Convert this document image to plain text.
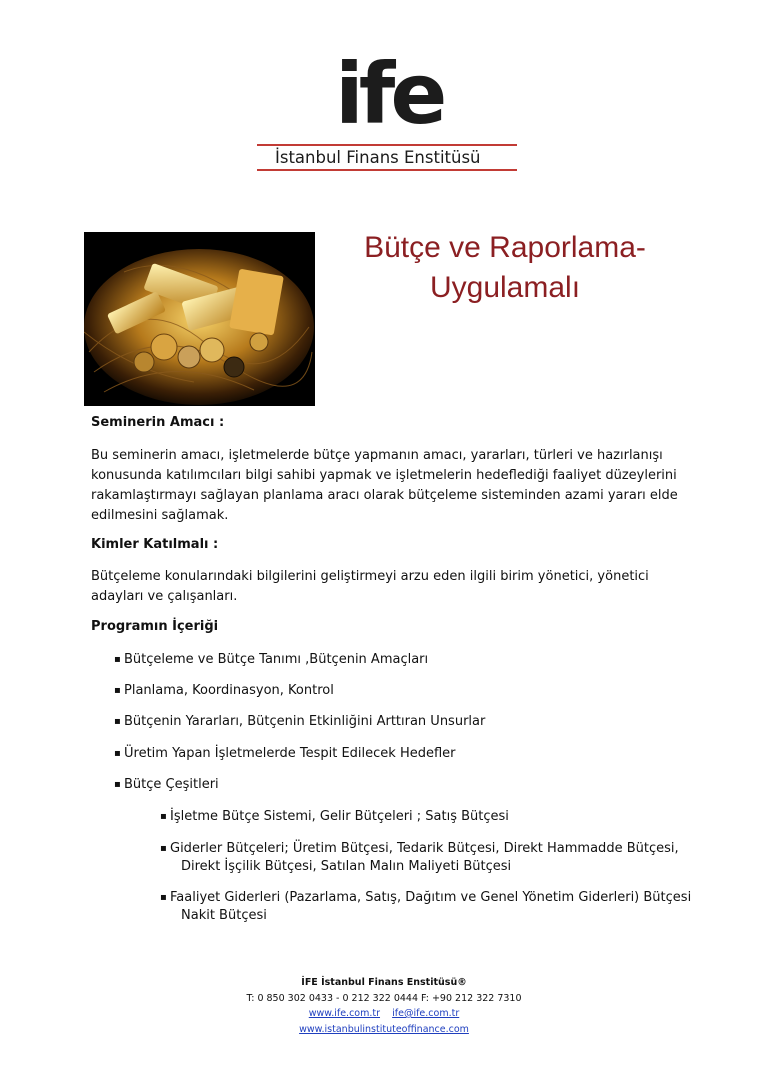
ife
İstanbul Finans Enstitüsü
Bütçe ve Raporlama-
Uygulamalı
Seminerin Amacı :

Bu seminerin amacı, işletmelerde bütçe yapmanın amacı, yararları, türleri ve hazırlanışı konusunda katılımcıları bilgi sahibi yapmak ve işletmelerin hedeflediği faaliyet düzeylerini rakamlaştırmayı sağlayan planlama aracı olarak bütçeleme sisteminden azami yararı elde edilmesini sağlamak.

Kimler Katılmalı :

Bütçeleme konularındaki bilgilerini geliştirmeyi arzu eden ilgili birim yönetici, yönetici adayları ve çalışanları.

Programın İçeriği
▪ Bütçeleme ve Bütçe Tanımı ,Bütçenin Amaçları
▪ Planlama, Koordinasyon, Kontrol
▪ Bütçenin Yararları, Bütçenin Etkinliğini Arttıran Unsurlar
▪ Üretim Yapan İşletmelerde Tespit Edilecek Hedefler
▪ Bütçe Çeşitleri
▪ İşletme Bütçe Sistemi, Gelir Bütçeleri ; Satış Bütçesi
▪ Giderler Bütçeleri; Üretim Bütçesi, Tedarik Bütçesi, Direkt Hammadde Bütçesi,
Direkt İşçilik Bütçesi, Satılan Malın Maliyeti Bütçesi
▪ Faaliyet Giderleri (Pazarlama, Satış, Dağıtım ve Genel Yönetim Giderleri) Bütçesi
Nakit Bütçesi
İFE İstanbul Finans Enstitüsü®
T: 0 850 302 0433 - 0 212 322 0444 F: +90 212 322 7310
www.ife.com.tr ife@ife.com.tr
www.istanbulinstituteoffinance.com
